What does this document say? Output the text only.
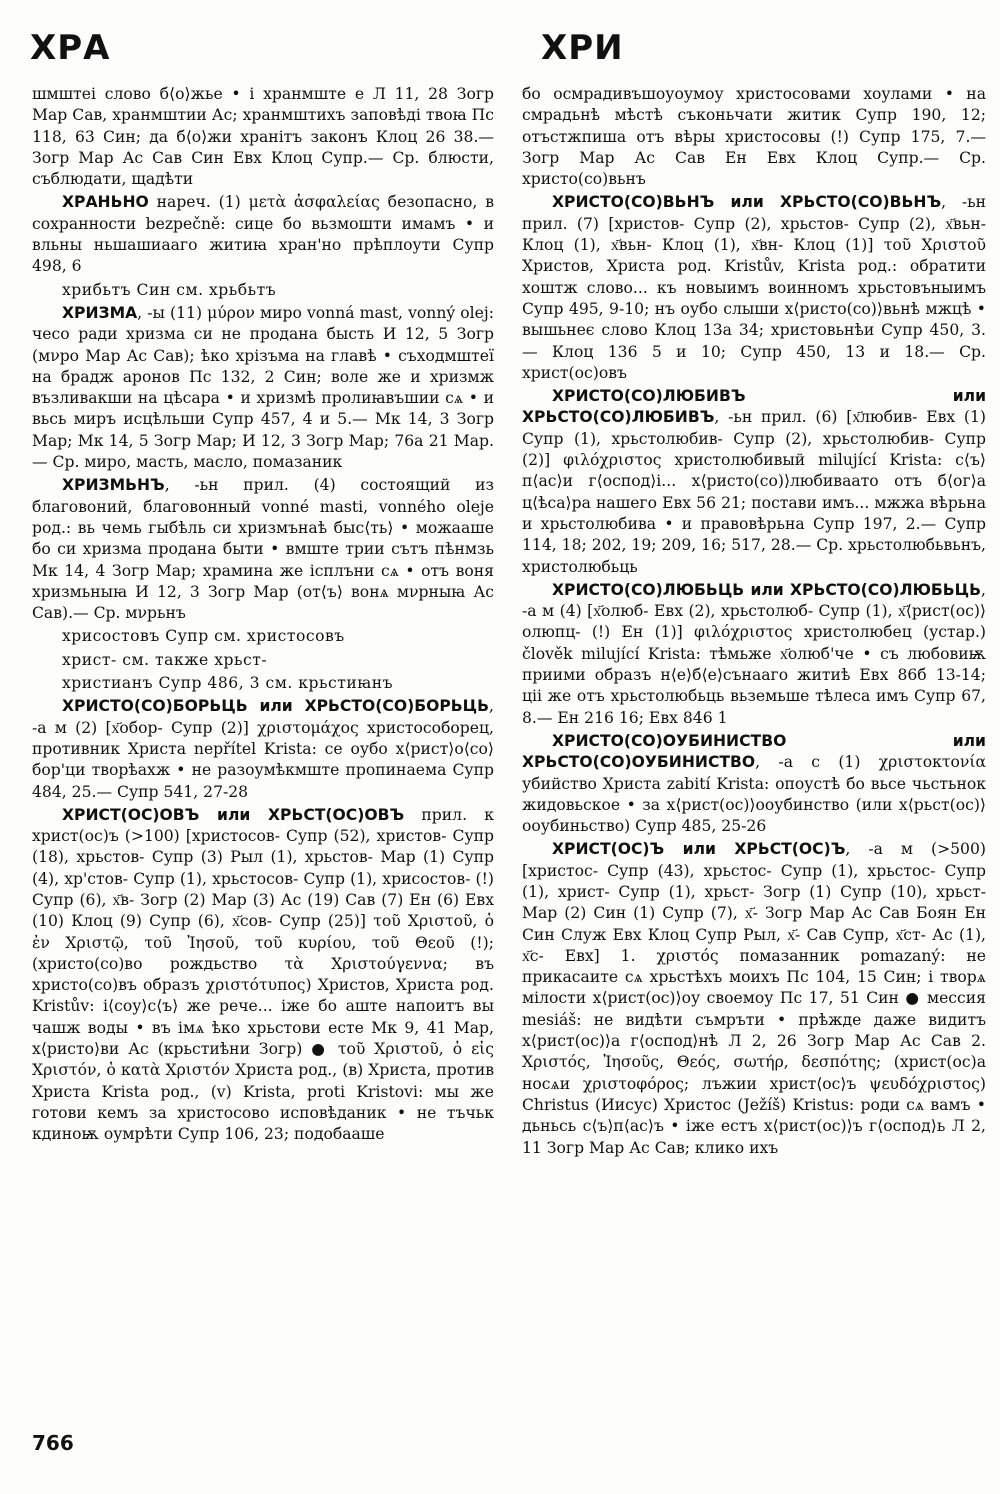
ХРА	ХРИ

шмштеі слово б⟨о⟩жье • і хранмште е Л 11, 28 Зогр Мар Сав, хранмштии Ас; хранмштихъ заповѣді твоꙗ Пс 118, 63 Син; да б⟨о⟩жи хранітъ законъ Клоц 26 38.— Зогр Мар Ас Сав Син Евх Клоц Супр.— Ср. блюсти, съблюдати, щадѣти

ХРАНЬНО нареч. (1) μετὰ ἀσφαλείας безопасно, в сохранности bezpečně: сице бо вьзмошти имамъ • и вльны ньшашиааго житиꙗ хран'но прѣплоути Супр 498, 6

хрибьтъ Син см. хрьбьтъ

ХРИЗМА, -ы (11) μύρον миро vonná mast, vonný olej: чесо ради хризма си не продана бысть И 12, 5 Зогр (мνро Мар Ас Сав); ѣко хрізъма на главѣ • съходмштеї на брадж аронов Пс 132, 2 Син; воле же и хризмж възливакши на цѣсара • и хризмѣ пролиꙗвъшии сѧ • и вьсь миръ исцѣльши Супр 457, 4 и 5.— Мк 14, 3 Зогр Мар; Мк 14, 5 Зогр Мар; И 12, 3 Зогр Мар; 76а 21 Мар.— Ср. миро, масть, масло, помазаник

ХРИЗМЬНЪ, -ьн прил. (4) состоящий из благовоний, благовонный vonné masti, vonného oleje род.: вь чемь гыбѣль си хризмънаѣ быс⟨ть⟩ • можааше бо си хризма продана быти • вмште трии сътъ пѣнмзь Мк 14, 4 Зогр Мар; храмина же ісплъни сѧ • отъ воня хризмьныꙗ И 12, 3 Зогр Мар (от⟨ъ⟩ вонѧ мνрныꙗ Ас Сав).— Ср. мνрьнъ

хрисостовъ Супр см. христосовъ

христ- см. также хрьст-

христианъ Супр 486, 3 см. крьстиꙗнъ

ХРИСТО(СО)БОРЬЦЬ или ХРЬСТО(СО)БОРЬЦЬ, -а м (2) [х҃обор- Супр (2)] χριστομάχος христособорец, противник Христа nepřítel Krista: се оубо х⟨рист⟩о⟨со⟩бор'ци творѣахж • не разоумѣкмште пропинаема Супр 484, 25.— Супр 541, 27-28

ХРИСТ(ОС)ОВЪ или ХРЬСТ(ОС)ОВЪ прил. к христ(ос)ъ (>100) [христосов- Супр (52), христов- Супр (18), хрьстов- Супр (3) Рыл (1), хрьстов- Мар (1) Супр (4), хр'стов- Супр (1), хрьстосов- Супр (1), хрисостов- (!) Супр (6), х҃в- Зогр (2) Мар (3) Ас (19) Сав (7) Ен (6) Евх (10) Клоц (9) Супр (6), х҃сов- Супр (25)] τοῦ Χριστοῦ, ὁ ἐν Χριστῷ, τοῦ Ἰησοῦ, τοῦ κυρίου, τοῦ Θεοῦ (!); (христо(со)во рождьство τὰ Χριστούγεννα; въ христо(со)въ образъ χριστότυπος) Христов, Христа род. Kristův: і⟨соу⟩с⟨ъ⟩ же рече... іже бо аште напоитъ вы чашж воды • въ імѧ ѣко хрьстови есте Мк 9, 41 Мар, х⟨ристо⟩ви Ас (крьстиѣни Зогр) ● τοῦ Χριστοῦ, ὁ εἰς Χριστόν, ὁ κατὰ Χριστόν Христа род., (в) Христа, против Христа Krista род., (v) Krista, proti Kristovi: мы же готови кемъ за христосово исповѣданик • не тъчьк кдиноѭ оумрѣти Супр 106, 23; подобааше

бо осмрадивъшоуоумоу христосовами хоулами • на смрадьнѣ мѣстѣ съконьчати житик Супр 190, 12; отъстжпиша отъ вѣры христосовы (!) Супр 175, 7.— Зогр Мар Ас Сав Ен Евх Клоц Супр.— Ср. христо(со)вьнъ

ХРИСТО(СО)ВЬНЪ или ХРЬСТО(СО)ВЬНЪ, -ьн прил. (7) [христов- Супр (2), хрьстов- Супр (2), х҃вьн- Клоц (1), х҃вьн- Клоц (1), х҃вн- Клоц (1)] τοῦ Χριστοῦ Христов, Христа род. Kristův, Krista род.: обратити хоштж слово... къ новыимъ воинномъ хрьстовъныимъ Супр 495, 9-10; нъ оубо слыши х⟨ристо(со)⟩вьнѣ мжцѣ • вышьнеє слово Клоц 13а 34; христовьнѣи Супр 450, 3.— Клоц 136 5 и 10; Супр 450, 13 и 18.— Ср. христ(ос)овъ

ХРИСТО(СО)ЛЮБИВЪ или ХРЬСТО(СО)ЛЮБИВЪ, -ьн прил. (6) [х҃любив- Евх (1) Супр (1), хрьстолюбив- Супр (2), хрьстолюбив- Супр (2)] φιλόχριστος христолюбивый milující Krista: с⟨ъ⟩п⟨ас⟩и г⟨оспод⟩і... х⟨ристо(со)⟩любиваато отъ б⟨ог⟩а ц⟨ѣса⟩ра нашего Евх 56 21; постави имъ... мжжа вѣрьна и хрьстолюбива • и правовѣрьна Супр 197, 2.— Супр 114, 18; 202, 19; 209, 16; 517, 28.— Ср. хрьстолюбьвьнъ, христолюбьць

ХРИСТО(СО)ЛЮБЬЦЬ или ХРЬСТО(СО)ЛЮБЬЦЬ, -а м (4) [х҃олюб- Евх (2), хрьстолюб- Супр (1), х҃⟨рист(ос)⟩олюпц- (!) Ен (1)] φιλόχριστος христолюбец (устар.) člověk milující Krista: тѣмьже х҃олюб'че • съ любовиѭ приими образъ н⟨е⟩б⟨е⟩сънааго житиѣ Евх 86б 13-14; ціі же отъ хрьстолюбьць вьземьше тѣлеса имъ Супр 67, 8.— Ен 216 16; Евх 846 1

ХРИСТО(СО)ОУБИНИСТВО или ХРЬСТО(СО)ОУБИНИСТВО, -а с (1) χριστοκτονία убийство Христа zabití Krista: опоустѣ бо вьсе чьстьнок жидовьское • за х⟨рист(ос)⟩ооубинство (или х⟨рьст(ос)⟩ооубиньство) Супр 485, 25-26

ХРИСТ(ОС)Ъ или ХРЬСТ(ОС)Ъ, -а м (>500) [христос- Супр (43), хрьстос- Супр (1), хрьстос- Супр (1), христ- Супр (1), хрьст- Зогр (1) Супр (10), хрьст- Мар (2) Син (1) Супр (7), х҃- Зогр Мар Ас Сав Боян Ен Син Служ Евх Клоц Супр Рыл, х҃- Сав Супр, х҃ст- Ас (1), х҃с- Евх] 1. χριστός помазанник pomazaný: не прикасаите сѧ хрьстѣхъ моихъ Пс 104, 15 Син; і творѧ мілости х⟨рист(ос)⟩оу своемоу Пс 17, 51 Син ● мессия mesiáš: не видѣти съмръти • прѣжде даже видитъ х⟨рист(ос)⟩а г⟨оспод⟩нѣ Л 2, 26 Зогр Мар Ас Сав 2. Χριστός, Ἰησοῦς, Θεός, σωτήρ, δεσπότης; (христ(ос)а носѧи χριστοφόρος; лъжии христ⟨ос⟩ъ ψευδόχριστος) Christus (Иисус) Христос (Ježíš) Kristus: роди сѧ вамъ • дьньсь с⟨ъ⟩п⟨ас⟩ъ • іже естъ х⟨рист(ос)⟩ъ г⟨оспод⟩ь Л 2, 11 Зогр Мар Ас Сав; клико ихъ

766
